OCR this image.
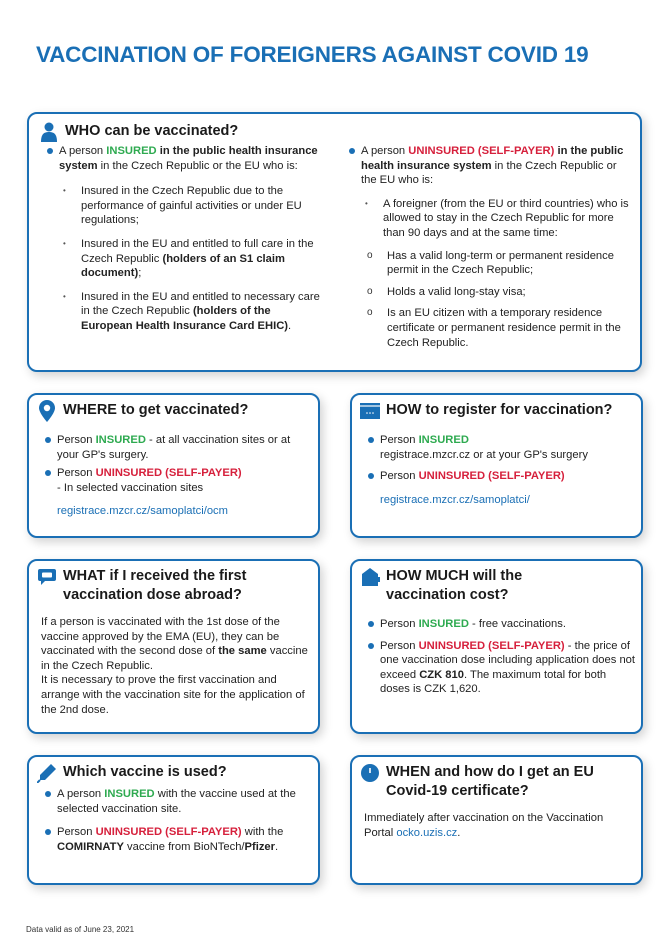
VACCINATION OF FOREIGNERS AGAINST COVID 19
WHO can be vaccinated?
A person INSURED in the public health insurance system in the Czech Republic or the EU who is:
• Insured in the Czech Republic due to the performance of gainful activities or under EU regulations;
• Insured in the EU and entitled to full care in the Czech Republic (holders of an S1 claim document);
• Insured in the EU and entitled to necessary care in the Czech Republic (holders of the European Health Insurance Card EHIC).
A person UNINSURED (SELF-PAYER) in the public health insurance system in the Czech Republic or the EU who is:
• A foreigner (from the EU or third countries) who is allowed to stay in the Czech Republic for more than 90 days and at the same time:
o Has a valid long-term or permanent residence permit in the Czech Republic;
o Holds a valid long-stay visa;
o Is an EU citizen with a temporary residence certificate or permanent residence permit in the Czech Republic.
WHERE to get vaccinated?
Person INSURED - at all vaccination sites or at your GP's surgery.
Person UNINSURED (SELF-PAYER)
- In selected vaccination sites
registrace.mzcr.cz/samoplatci/ocm
HOW to register for vaccination?
Person INSURED
registrace.mzcr.cz or at your GP's surgery
Person UNINSURED (SELF-PAYER)
registrace.mzcr.cz/samoplatci/
WHAT if I received the first vaccination dose abroad?
If a person is vaccinated with the 1st dose of the vaccine approved by the EMA (EU), they can be vaccinated with the second dose of the same vaccine in the Czech Republic.
It is necessary to prove the first vaccination and arrange with the vaccination site for the application of the 2nd dose.
HOW MUCH will the vaccination cost?
Person INSURED - free vaccinations.
Person UNINSURED (SELF-PAYER) - the price of one vaccination dose including application does not exceed CZK 810. The maximum total for both doses is CZK 1,620.
Which vaccine is used?
A person INSURED with the vaccine used at the selected vaccination site.
Person UNINSURED (SELF-PAYER) with the COMIRNATY vaccine from BioNTech/Pfizer.
WHEN and how do I get an EU Covid-19 certificate?
Immediately after vaccination on the Vaccination Portal ocko.uzis.cz.
Data valid as of June 23, 2021
